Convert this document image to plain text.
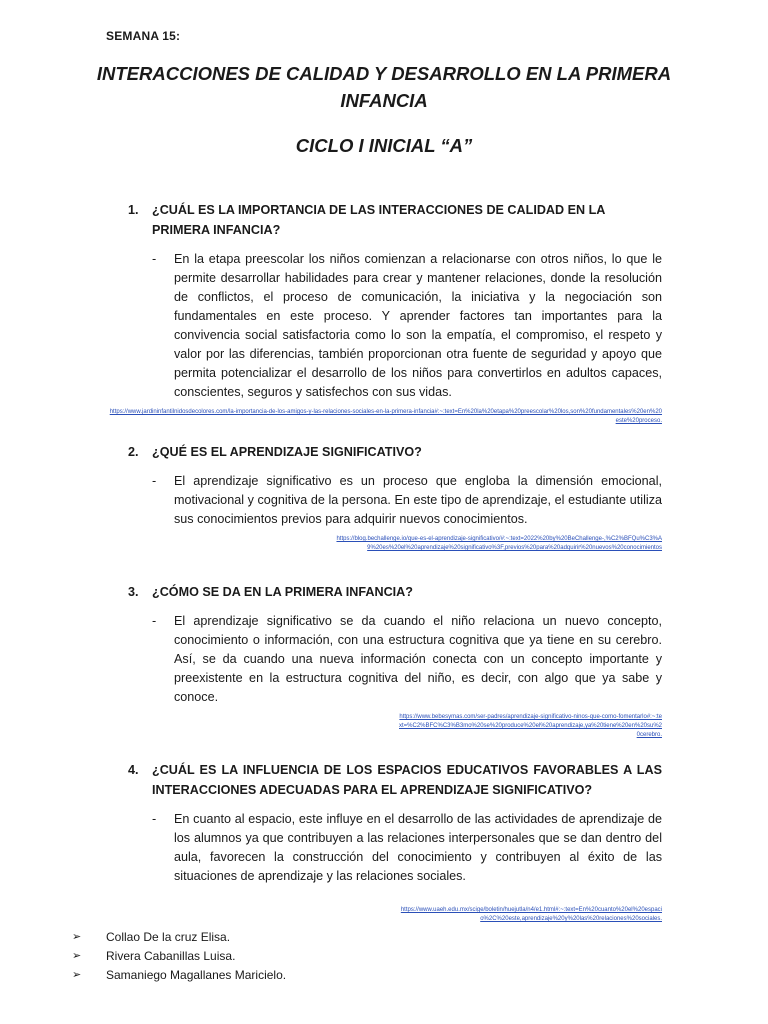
SEMANA 15:
INTERACCIONES DE CALIDAD Y DESARROLLO EN LA PRIMERA INFANCIA
CICLO I INICIAL “A”
1.	¿CUÁL ES LA IMPORTANCIA DE LAS INTERACCIONES DE CALIDAD EN LA PRIMERA INFANCIA?
-	En la etapa preescolar los niños comienzan a relacionarse con otros niños, lo que le permite desarrollar habilidades para crear y mantener relaciones, donde la resolución de conflictos, el proceso de comunicación, la iniciativa y la negociación son fundamentales en este proceso. Y aprender factores tan importantes para la convivencia social satisfactoria como lo son la empatía, el compromiso, el respeto y valor por las diferencias, también proporcionan otra fuente de seguridad y apoyo que permita potencializar el desarrollo de los niños para convertirlos en adultos capaces, conscientes, seguros y satisfechos con sus vidas.
https://www.jardininfantilnidosdecolores.com/la-importancia-de-los-amigos-y-las-relaciones-sociales-en-la-primera-infancia#:~:text=En%20la%20etapa%20preescolar%20los,son%20fundamentales%20en%20este%20proceso.
2.	¿QUÉ ES EL APRENDIZAJE SIGNIFICATIVO?
-	El aprendizaje significativo es un proceso que engloba la dimensión emocional, motivacional y cognitiva de la persona. En este tipo de aprendizaje, el estudiante utiliza sus conocimientos previos para adquirir nuevos conocimientos.
https://blog.bechallenge.io/que-es-el-aprendizaje-significativo/#:~:text=2022%20by%20BeChallenge-,%C2%BFQu%C3%A9%20es%20el%20aprendizaje%20significativo%3F,previos%20para%20adquirir%20nuevos%20conocimientos
3.	¿CÓMO SE DA EN LA PRIMERA INFANCIA?
-	El aprendizaje significativo se da cuando el niño relaciona un nuevo concepto, conocimiento o información, con una estructura cognitiva que ya tiene en su cerebro. Así, se da cuando una nueva información conecta con un concepto importante y preexistente en la estructura cognitiva del niño, es decir, con algo que ya sabe y conoce.
https://www.bebesymas.com/ser-padres/aprendizaje-significativo-ninos-que-como-fomentarlo#:~:text=%C2%BFC%C3%B3mo%20se%20produce%20el%20aprendizaje,ya%20tiene%20en%20su%20cerebro.
4.	¿CUÁL ES LA INFLUENCIA DE LOS ESPACIOS EDUCATIVOS FAVORABLES A LAS INTERACCIONES ADECUADAS PARA EL APRENDIZAJE SIGNIFICATIVO?
-	En cuanto al espacio, este influye en el desarrollo de las actividades de aprendizaje de los alumnos ya que contribuyen a las relaciones interpersonales que se dan dentro del aula, favorecen la construcción del conocimiento y contribuyen al éxito de las situaciones de aprendizaje y las relaciones sociales.
https://www.uaeh.edu.mx/scige/boletin/huejutla/n4/e1.html#:~:text=En%20cuanto%20el%20espacio%2C%20este,aprendizaje%20y%20las%20relaciones%20sociales.
➢	Collao De la cruz Elisa.
➢	Rivera Cabanillas Luisa.
➢	Samaniego Magallanes Maricielo.
